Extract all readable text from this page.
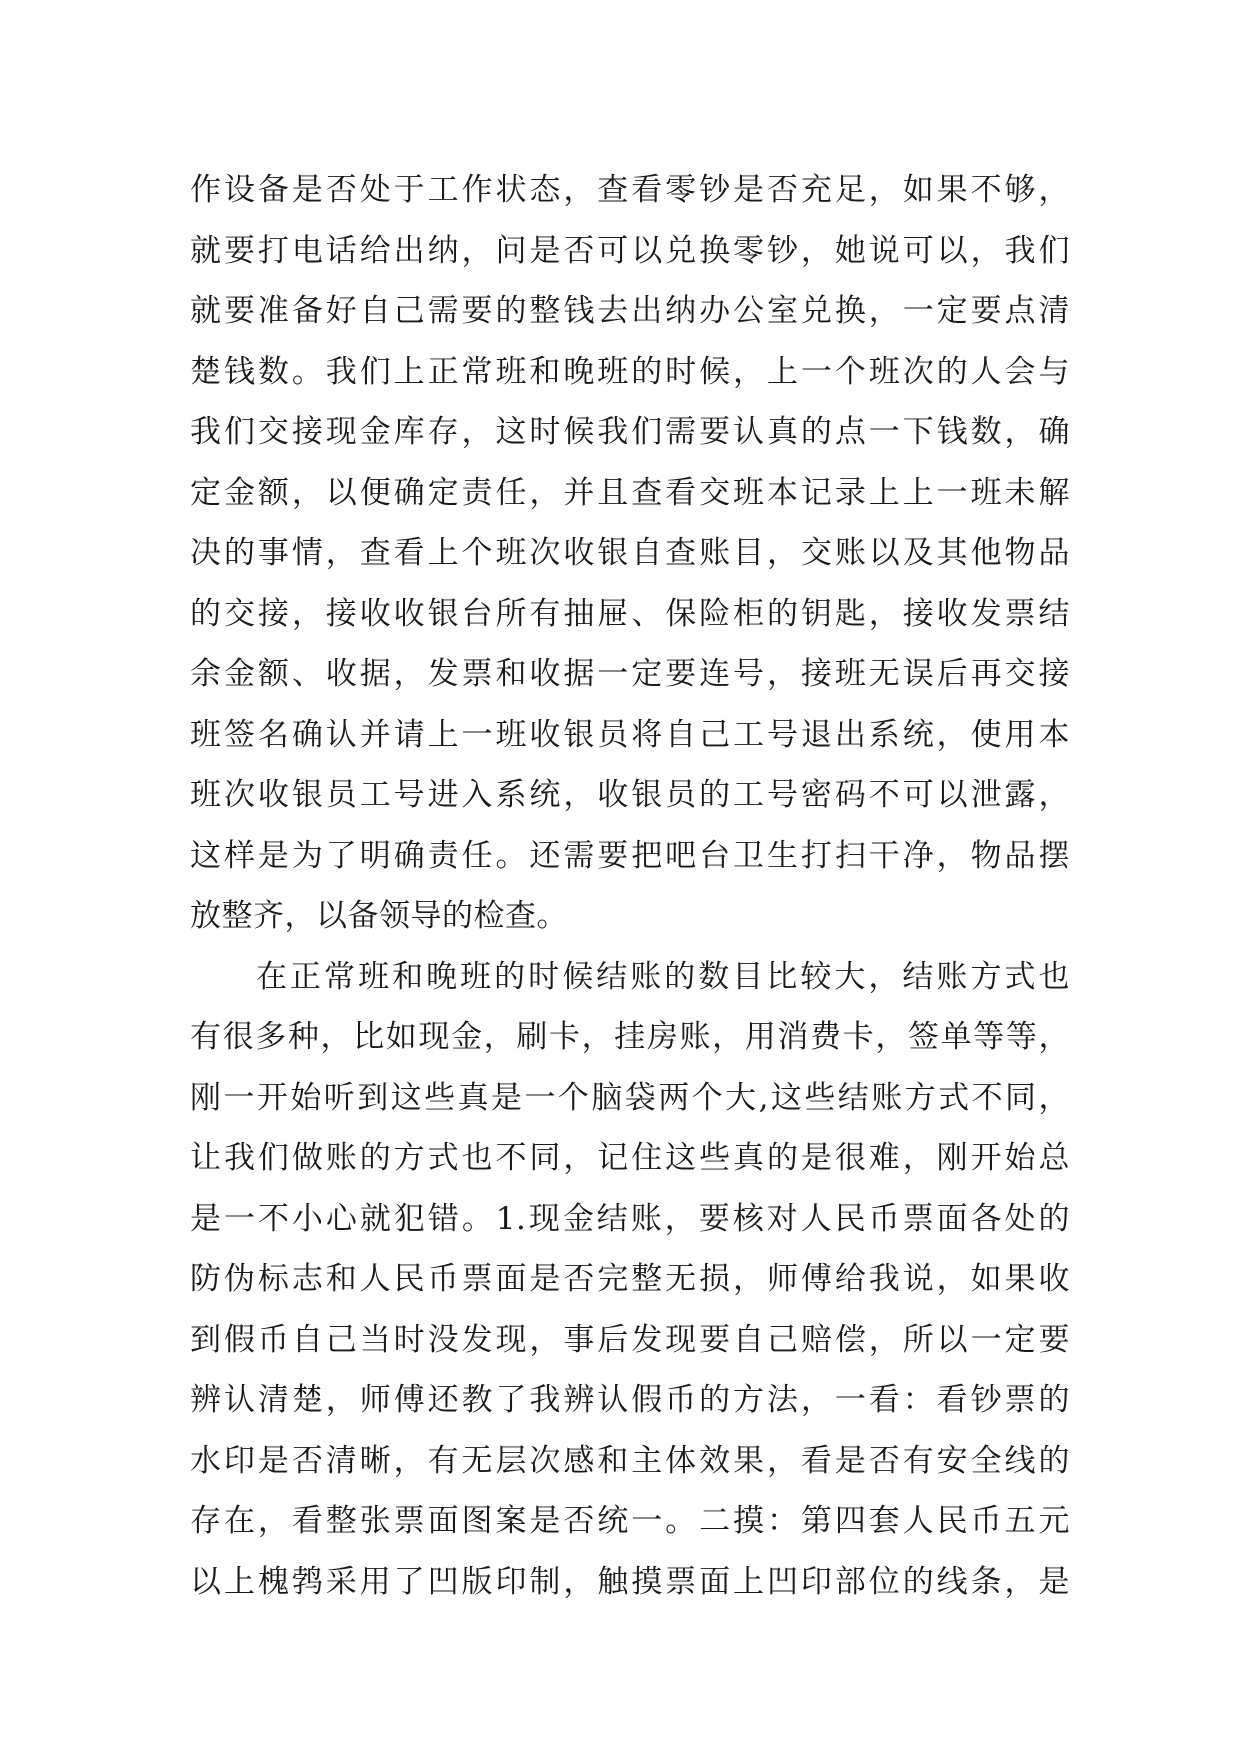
作设备是否处于工作状态，查看零钞是否充足，如果不够，
就要打电话给出纳，问是否可以兑换零钞，她说可以，我们
就要准备好自己需要的整钱去出纳办公室兑换，一定要点清
楚钱数。我们上正常班和晚班的时候，上一个班次的人会与
我们交接现金库存，这时候我们需要认真的点一下钱数，确
定金额，以便确定责任，并且查看交班本记录上上一班未解
决的事情，查看上个班次收银自查账目，交账以及其他物品
的交接，接收收银台所有抽屉、保险柜的钥匙，接收发票结
余金额、收据，发票和收据一定要连号，接班无误后再交接
班签名确认并请上一班收银员将自己工号退出系统，使用本
班次收银员工号进入系统，收银员的工号密码不可以泄露，
这样是为了明确责任。还需要把吧台卫生打扫干净，物品摆
放整齐，以备领导的检查。
在正常班和晚班的时候结账的数目比较大，结账方式也
有很多种，比如现金，刷卡，挂房账，用消费卡，签单等等，
刚一开始听到这些真是一个脑袋两个大,这些结账方式不同，
让我们做账的方式也不同，记住这些真的是很难，刚开始总
是一不小心就犯错。1.现金结账，要核对人民币票面各处的
防伪标志和人民币票面是否完整无损，师傅给我说，如果收
到假币自己当时没发现，事后发现要自己赔偿，所以一定要
辨认清楚，师傅还教了我辨认假币的方法，一看：看钞票的
水印是否清晰，有无层次感和主体效果，看是否有安全线的
存在，看整张票面图案是否统一。二摸：第四套人民币五元
以上槐鹁采用了凹版印制，触摸票面上凹印部位的线条，是
